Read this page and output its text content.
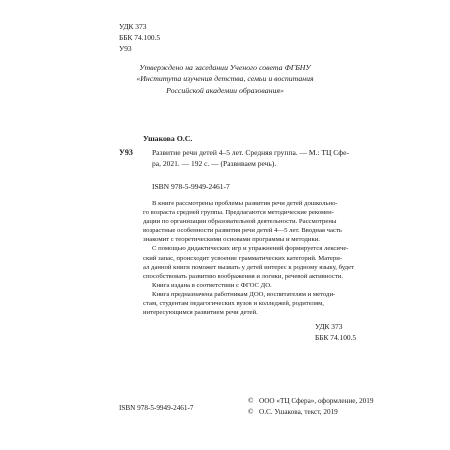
УДК 373
ББК 74.100.5
У93
Утверждено на заседании Ученого совета ФГБНУ
«Института изучения детства, семьи и воспитания
Российской академии образования»
У93
Ушакова О.С.
Развитие речи детей 4–5 лет. Средняя группа. — М.: ТЦ Сфе-
ра, 2021. — 192 с. — (Развиваем речь).
ISBN 978-5-9949-2461-7
В книге рассмотрены проблемы развития речи детей дошкольно-
го возраста средней группы. Предлагаются методические рекомен-
дации по организации образовательной деятельности. Рассмотрены
возрастные особенности развития речи детей 4—5 лет. Вводная часть
знакомит с теоретическими основами программы и методики.
С помощью дидактических игр и упражнений формируется лексиче-
ский запас, происходит усвоение грамматических категорий. Матери-
ал данной книги поможет вызвать у детей интерес к родному языку, будет
способствовать развитию воображения и логики, речевой активности.
Книга издана в соответствии с ФГОС ДО.
Книга предназначена работникам ДОО, воспитателям и методи-
стам, студентам педагогических вузов и колледжей, родителям,
интересующимся развитием речи детей.
УДК 373
ББК 74.100.5
ISBN 978-5-9949-2461-7
© ООО «ТЦ Сфера», оформление, 2019
© О.С. Ушакова, текст, 2019
